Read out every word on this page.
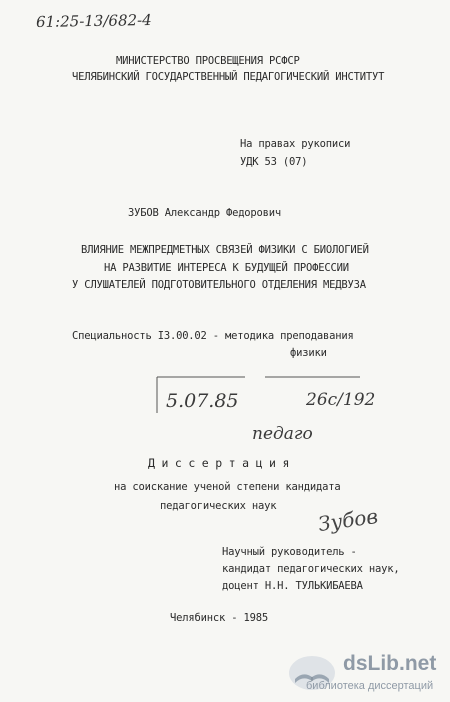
61:25-13/682-4
МИНИСТЕРСТВО ПРОСВЕЩЕНИЯ РСФСР
ЧЕЛЯБИНСКИЙ ГОСУДАРСТВЕННЫЙ ПЕДАГОГИЧЕСКИЙ ИНСТИТУТ
На правах рукописи
УДК 53 (07)
ЗУБОВ Александр Федорович
ВЛИЯНИЕ МЕЖПРЕДМЕТНЫХ СВЯЗЕЙ ФИЗИКИ С БИОЛОГИЕЙ
НА РАЗВИТИЕ ИНТЕРЕСА К БУДУЩЕЙ ПРОФЕССИИ
У СЛУШАТЕЛЕЙ ПОДГОТОВИТЕЛЬНОГО ОТДЕЛЕНИЯ МЕДВУЗА
Специальность I3.00.02 - методика преподавания
физики
5.07.85	26с/192
педаго
Д и с с е р т а ц и я
на соискание ученой степени кандидата
педагогических наук Зубов
Научный руководитель -
кандидат педагогических наук,
доцент Н.Н. ТУЛЬКИБАЕВА
Челябинск - 1985
dsLib.net
библиотека диссертаций
